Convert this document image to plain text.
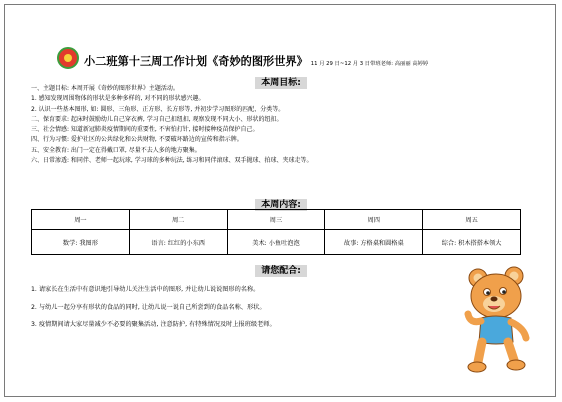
小二班第十三周工作计划《奇妙的图形世界》 11 月 29 日~12 月 3 日带班老师: 高丽丽 高婷婷
本周目标:
一、主题目标: 本周开展《奇妙的图形世界》主题活动。
1. 感知发现周围物体的形状是多种多样的, 对不同的形状感兴趣。
2. 认识一些基本图形, 如: 圆形、三角形、正方形、长方形等, 并初步学习图形的匹配、分类等。
二、保育要求: 起床时鼓励幼儿自己穿衣裤, 学习自己扣纽扣, 观察发现不同大小、形状的纽扣。
三、社会情感: 知道新冠肺炎疫情期间的重要性, 不害怕打针, 接时接种疫苗保护自己。
四、行为习惯: 爱护社区的公共绿化和公共财物, 不要破坏路边的宣传和指示牌。
五、安全教育: 出门一定在得戴口罩, 尽量不去人多的地方聚集。
六、日常渗透: 和同伴、老师一起玩球, 学习球的多种玩法, 练习和同伴滚球、双手抛球、拍球、夹球走等。
本周内容:
周一	周二	周三	周四	周五
数学: 我图形	语言: 红红的小东西	美术: 小鱼吐泡泡	故事: 方格桌和圆格桌	综合: 积木搭搭本领大
请您配合:
1. 请家长在生活中有意识地引导幼儿关注生活中的图形, 并让幼儿说说图形的名称。
2. 与幼儿一起分享有形状的食品的同时, 让幼儿说一说自己所尝到的食品名称、形状。
3. 疫情期间请大家尽量减少不必要的聚集活动, 注意防护, 有特殊情况及时上报班级老师。
